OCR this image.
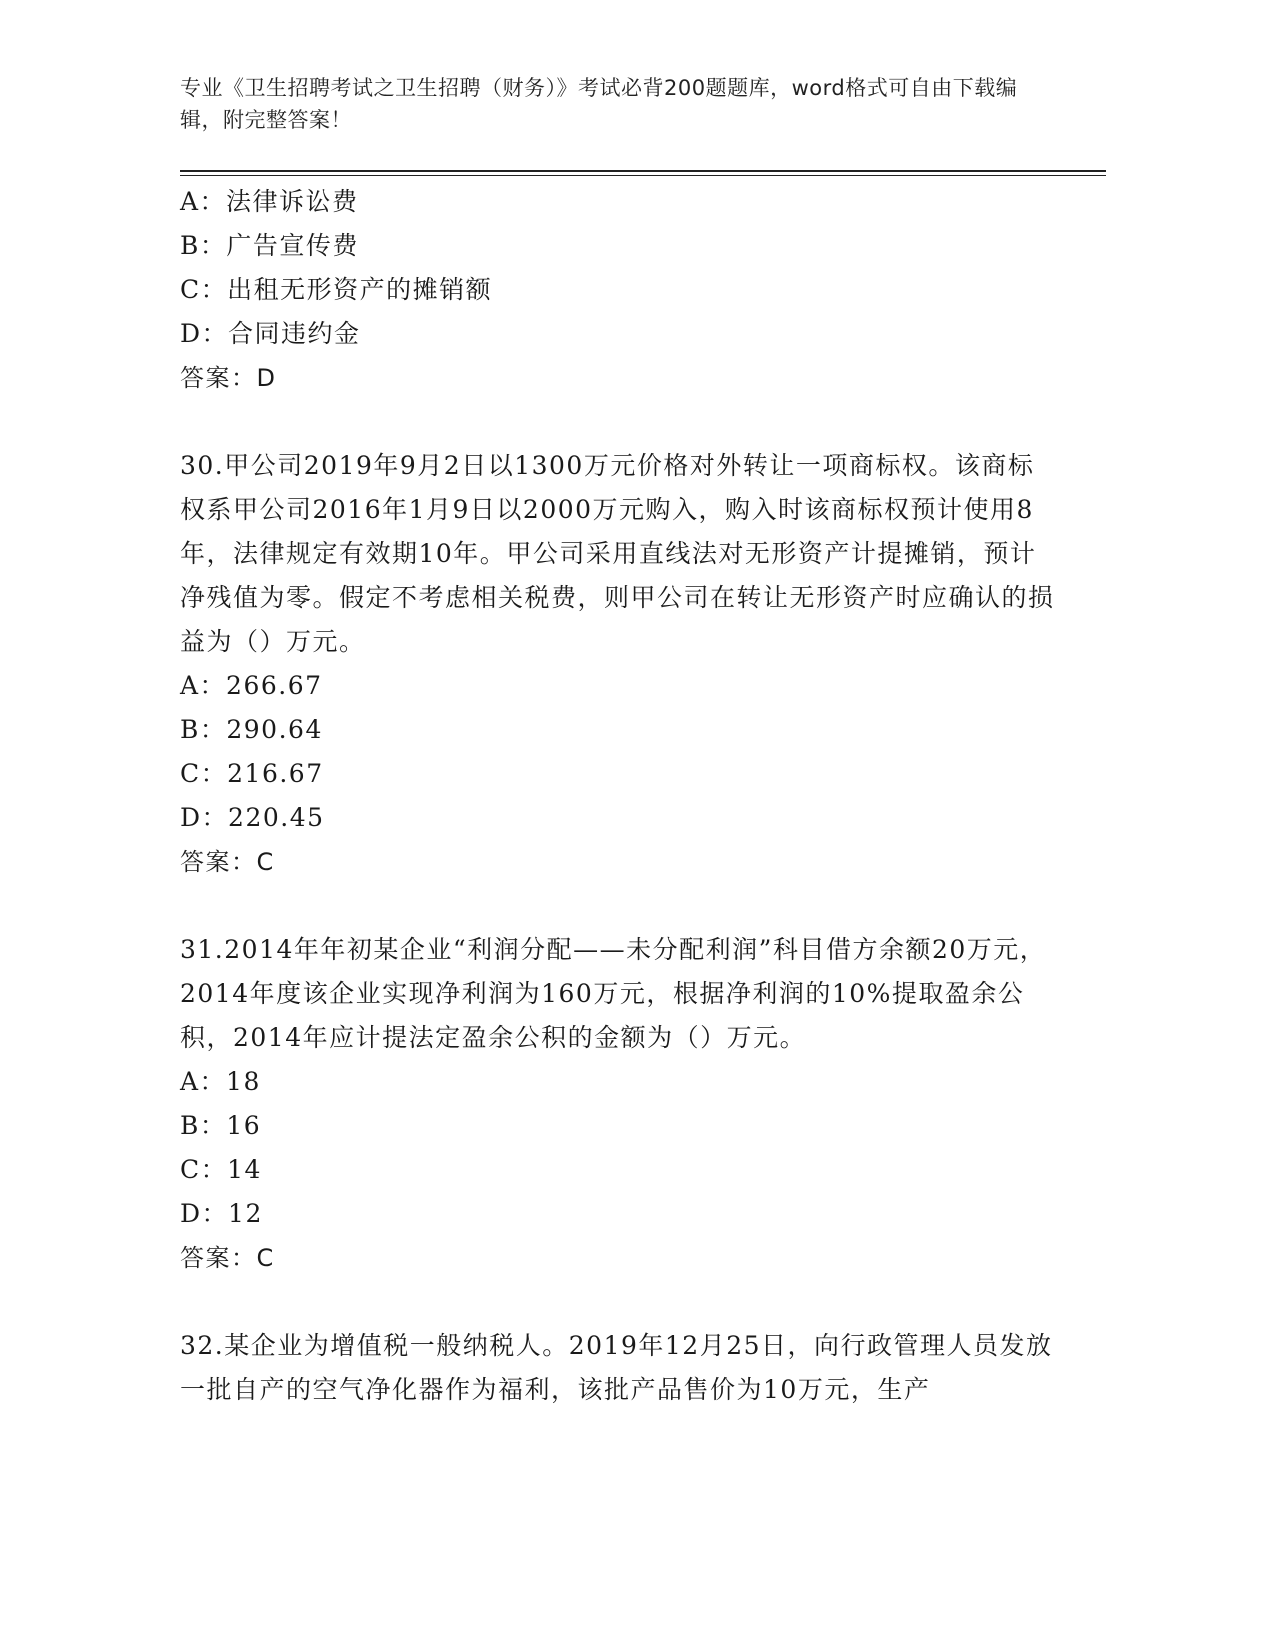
专业《卫生招聘考试之卫生招聘（财务）》考试必背200题题库，word格式可自由下载编辑，附完整答案！
A：法律诉讼费
B：广告宣传费
C：出租无形资产的摊销额
D：合同违约金
答案：D
30.甲公司2019年9月2日以1300万元价格对外转让一项商标权。该商标权系甲公司2016年1月9日以2000万元购入，购入时该商标权预计使用8年，法律规定有效期10年。甲公司采用直线法对无形资产计提摊销，预计净残值为零。假定不考虑相关税费，则甲公司在转让无形资产时应确认的损益为（）万元。
A：266.67
B：290.64
C：216.67
D：220.45
答案：C
31.2014年年初某企业“利润分配——未分配利润”科目借方余额20万元，2014年度该企业实现净利润为160万元，根据净利润的10%提取盈余公积，2014年应计提法定盈余公积的金额为（）万元。
A：18
B：16
C：14
D：12
答案：C
32.某企业为增值税一般纳税人。2019年12月25日，向行政管理人员发放一批自产的空气净化器作为福利，该批产品售价为10万元，生产
